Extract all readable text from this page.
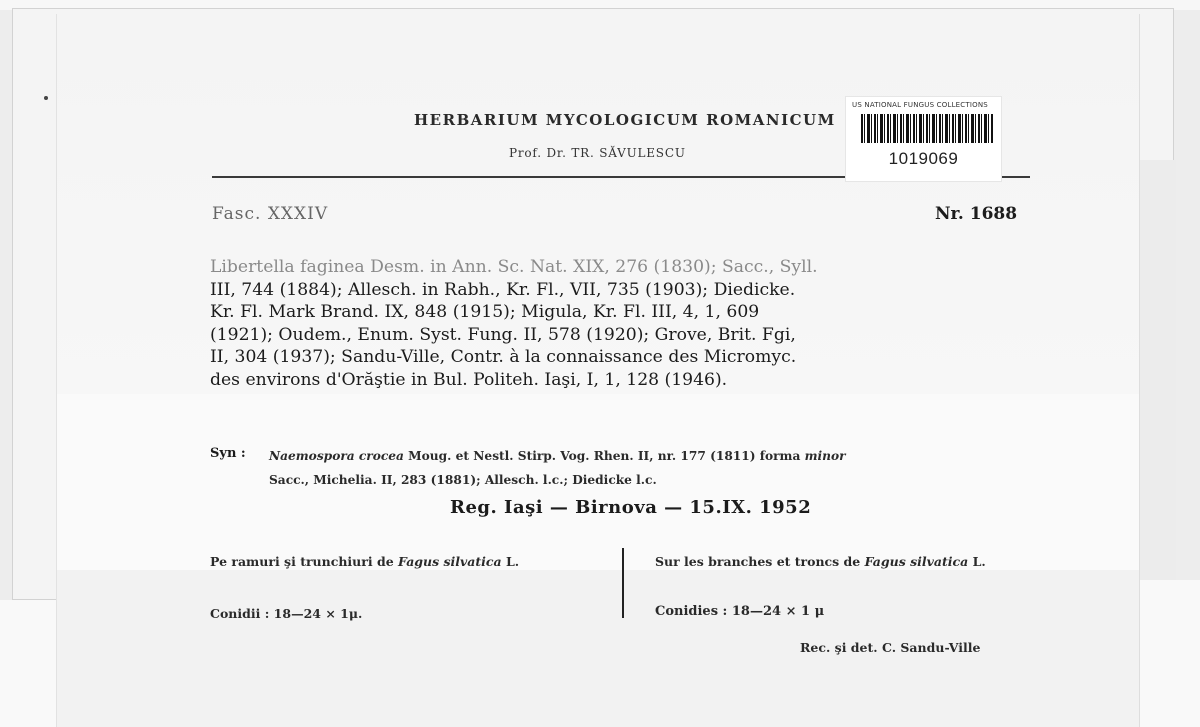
HERBARIUM MYCOLOGICUM ROMANICUM
Prof. Dr. TR. SĂVULESCU
US NATIONAL FUNGUS COLLECTIONS
1019069
Fasc. XXXIV	Nr. 1688
Libertella faginea Desm. in Ann. Sc. Nat. XIX, 276 (1830); Sacc., Syll.
III, 744 (1884); Allesch. in Rabh., Kr. Fl., VII, 735 (1903); Diedicke.
Kr. Fl. Mark Brand. IX, 848 (1915); Migula, Kr. Fl. III, 4, 1, 609
(1921); Oudem., Enum. Syst. Fung. II, 578 (1920); Grove, Brit. Fgi,
II, 304 (1937); Sandu-Ville, Contr. à la connaissance des Micromyc.
des environs d'Orăştie in Bul. Politeh. Iaşi, I, 1, 128 (1946).
Syn : Naemospora crocea Moug. et Nestl. Stirp. Vog. Rhen. II, nr. 177 (1811) forma minor
Sacc., Michelia. II, 283 (1881); Allesch. l.c.; Diedicke l.c.
Reg. Iaşi — Birnova — 15.IX. 1952
Pe ramuri şi trunchiuri de Fagus silvatica L.	Sur les branches et troncs de Fagus silvatica L.
Conidii : 18—24 × 1μ.	Conidies : 18—24 × 1 μ
Rec. şi det. C. Sandu-Ville
